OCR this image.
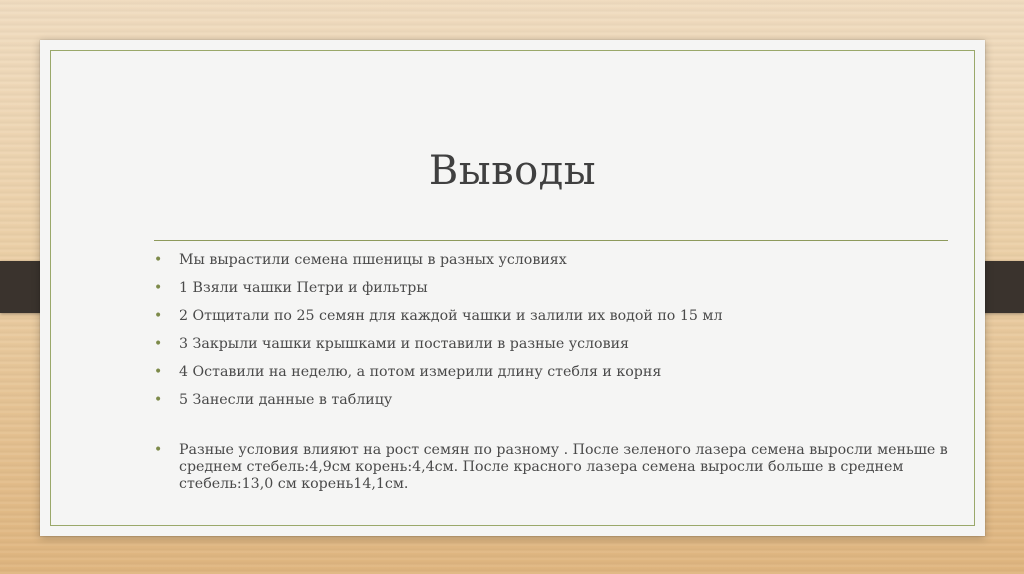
Выводы
• Мы вырастили семена пшеницы в разных условиях
• 1 Взяли чашки Петри и фильтры
• 2 Отщитали по 25 семян для каждой чашки и залили их водой по 15 мл
• 3 Закрыли чашки крышками и поставили в разные условия
• 4 Оставили на неделю, а потом измерили длину стебля и корня
• 5 Занесли данные в таблицу
• Разные условия влияют на рост семян по разному . После зеленого лазера семена выросли меньше в среднем стебель:4,9см корень:4,4см. После красного лазера семена выросли больше в среднем стебель:13,0 см корень14,1см.
